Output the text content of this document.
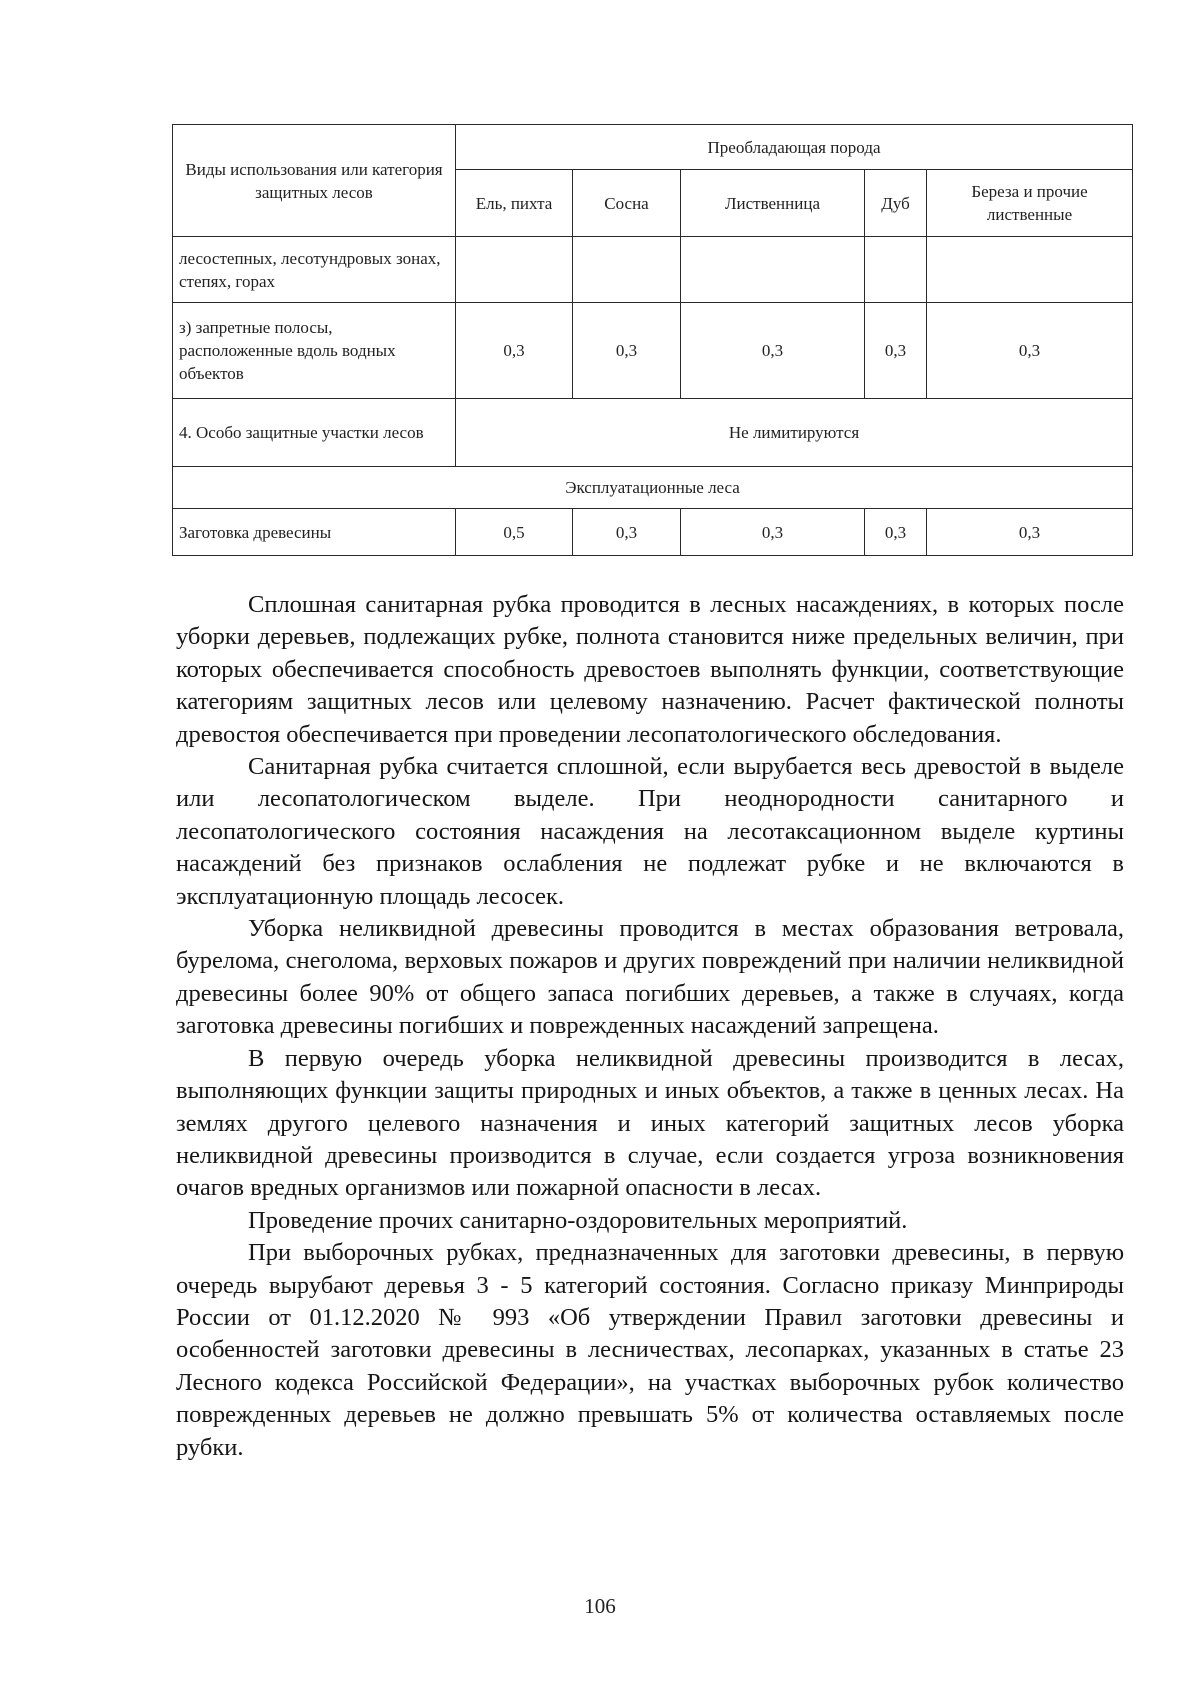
Виды использования или категория защитных лесов	Преобладающая порода				
	Ель, пихта	Сосна	Лиственница	Дуб	Береза и прочие лиственные
лесостепных, лесотундровых зонах, степях, горах					
з) запретные полосы, расположенные вдоль водных объектов	0,3	0,3	0,3	0,3	0,3
4. Особо защитные участки лесов	Не лимитируются				
Эксплуатационные леса					
Заготовка древесины	0,5	0,3	0,3	0,3	0,3

Сплошная санитарная рубка проводится в лесных насаждениях, в которых после уборки деревьев, подлежащих рубке, полнота становится ниже предельных величин, при которых обеспечивается способность древостоев выполнять функции, соответствующие категориям защитных лесов или целевому назначению. Расчет фактической полноты древостоя обеспечивается при проведении лесопатологического обследования.

Санитарная рубка считается сплошной, если вырубается весь древостой в выделе или лесопатологическом выделе. При неоднородности санитарного и лесопатологического состояния насаждения на лесотаксационном выделе куртины насаждений без признаков ослабления не подлежат рубке и не включаются в эксплуатационную площадь лесосек.

Уборка неликвидной древесины проводится в местах образования ветровала, бурелома, снеголома, верховых пожаров и других повреждений при наличии неликвидной древесины более 90% от общего запаса погибших деревьев, а также в случаях, когда заготовка древесины погибших и поврежденных насаждений запрещена.

В первую очередь уборка неликвидной древесины производится в лесах, выполняющих функции защиты природных и иных объектов, а также в ценных лесах. На землях другого целевого назначения и иных категорий защитных лесов уборка неликвидной древесины производится в случае, если создается угроза возникновения очагов вредных организмов или пожарной опасности в лесах.

Проведение прочих санитарно-оздоровительных мероприятий.

При выборочных рубках, предназначенных для заготовки древесины, в первую очередь вырубают деревья 3 - 5 категорий состояния. Согласно приказу Минприроды России от 01.12.2020 № 993 «Об утверждении Правил заготовки древесины и особенностей заготовки древесины в лесничествах, лесопарках, указанных в статье 23 Лесного кодекса Российской Федерации», на участках выборочных рубок количество поврежденных деревьев не должно превышать 5% от количества оставляемых после рубки.

106
